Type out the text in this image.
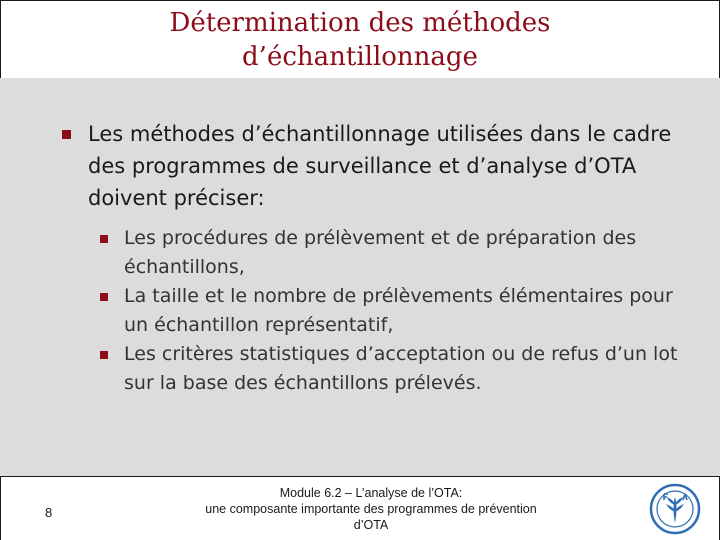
Détermination des méthodes
d’échantillonnage
Les méthodes d’échantillonnage utilisées dans le cadre des programmes de surveillance et d’analyse d’OTA doivent préciser:
Les procédures de prélèvement et de préparation des échantillons,
La taille et le nombre de prélèvements élémentaires pour un échantillon représentatif,
Les critères statistiques d’acceptation ou de refus d’un lot sur la base des échantillons prélevés.
8
Module 6.2 – L’analyse de l’OTA:
une composante importante des programmes de prévention
d’OTA
